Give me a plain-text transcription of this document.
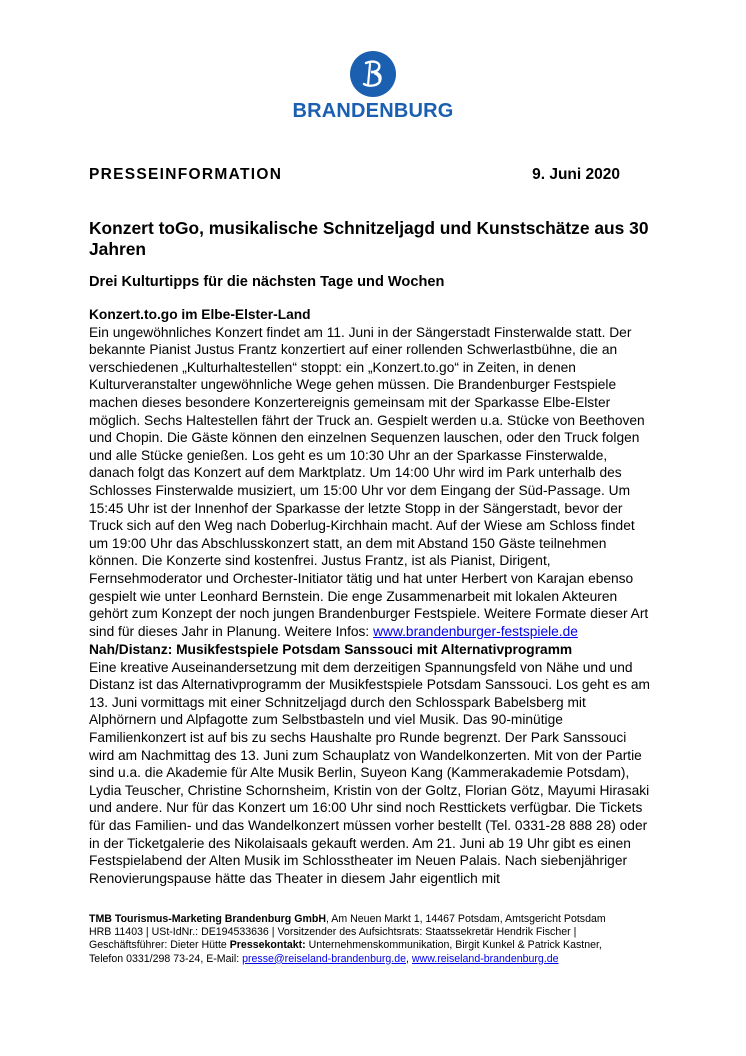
BRANDENBURG
PRESSEINFORMATION	9. Juni 2020
Konzert toGo, musikalische Schnitzeljagd und Kunstschätze aus 30 Jahren
Drei Kulturtipps für die nächsten Tage und Wochen
Konzert.to.go im Elbe-Elster-Land

Ein ungewöhnliches Konzert findet am 11. Juni in der Sängerstadt Finsterwalde statt. Der bekannte Pianist Justus Frantz konzertiert auf einer rollenden Schwerlastbühne, die an verschiedenen „Kulturhaltestellen“ stoppt: ein „Konzert.to.go“ in Zeiten, in denen Kulturveranstalter ungewöhnliche Wege gehen müssen. Die Brandenburger Festspiele machen dieses besondere Konzertereignis gemeinsam mit der Sparkasse Elbe-Elster möglich. Sechs Haltestellen fährt der Truck an. Gespielt werden u.a. Stücke von Beethoven und Chopin. Die Gäste können den einzelnen Sequenzen lauschen, oder den Truck folgen und alle Stücke genießen. Los geht es um 10:30 Uhr an der Sparkasse Finsterwalde, danach folgt das Konzert auf dem Marktplatz. Um 14:00 Uhr wird im Park unterhalb des Schlosses Finsterwalde musiziert, um 15:00 Uhr vor dem Eingang der Süd-Passage. Um 15:45 Uhr ist der Innenhof der Sparkasse der letzte Stopp in der Sängerstadt, bevor der Truck sich auf den Weg nach Doberlug-Kirchhain macht. Auf der Wiese am Schloss findet um 19:00 Uhr das Abschlusskonzert statt, an dem mit Abstand 150 Gäste teilnehmen können. Die Konzerte sind kostenfrei. Justus Frantz, ist als Pianist, Dirigent, Fernsehmoderator und Orchester-Initiator tätig und hat unter Herbert von Karajan ebenso gespielt wie unter Leonhard Bernstein. Die enge Zusammenarbeit mit lokalen Akteuren gehört zum Konzept der noch jungen Brandenburger Festspiele. Weitere Formate dieser Art sind für dieses Jahr in Planung. Weitere Infos: www.brandenburger-festspiele.de

Nah/Distanz: Musikfestspiele Potsdam Sanssouci mit Alternativprogramm

Eine kreative Auseinandersetzung mit dem derzeitigen Spannungsfeld von Nähe und und Distanz ist das Alternativprogramm der Musikfestspiele Potsdam Sanssouci. Los geht es am 13. Juni vormittags mit einer Schnitzeljagd durch den Schlosspark Babelsberg mit Alphörnern und Alpfagotte zum Selbstbasteln und viel Musik. Das 90-minütige Familienkonzert ist auf bis zu sechs Haushalte pro Runde begrenzt. Der Park Sanssouci wird am Nachmittag des 13. Juni zum Schauplatz von Wandelkonzerten. Mit von der Partie sind u.a. die Akademie für Alte Musik Berlin, Suyeon Kang (Kammerakademie Potsdam), Lydia Teuscher, Christine Schornsheim, Kristin von der Goltz, Florian Götz, Mayumi Hirasaki und andere. Nur für das Konzert um 16:00 Uhr sind noch Resttickets verfügbar. Die Tickets für das Familien- und das Wandelkonzert müssen vorher bestellt (Tel. 0331-28 888 28) oder in der Ticketgalerie des Nikolaisaals gekauft werden. Am 21. Juni ab 19 Uhr gibt es einen Festspielabend der Alten Musik im Schlosstheater im Neuen Palais. Nach siebenjähriger Renovierungspause hätte das Theater in diesem Jahr eigentlich mit

TMB Tourismus-Marketing Brandenburg GmbH, Am Neuen Markt 1, 14467 Potsdam, Amtsgericht Potsdam HRB 11403 | USt-IdNr.: DE194533636 | Vorsitzender des Aufsichtsrats: Staatssekretär Hendrik Fischer | Geschäftsführer: Dieter Hütte Pressekontakt: Unternehmenskommunikation, Birgit Kunkel & Patrick Kastner, Telefon 0331/298 73-24, E-Mail: presse@reiseland-brandenburg.de, www.reiseland-brandenburg.de
